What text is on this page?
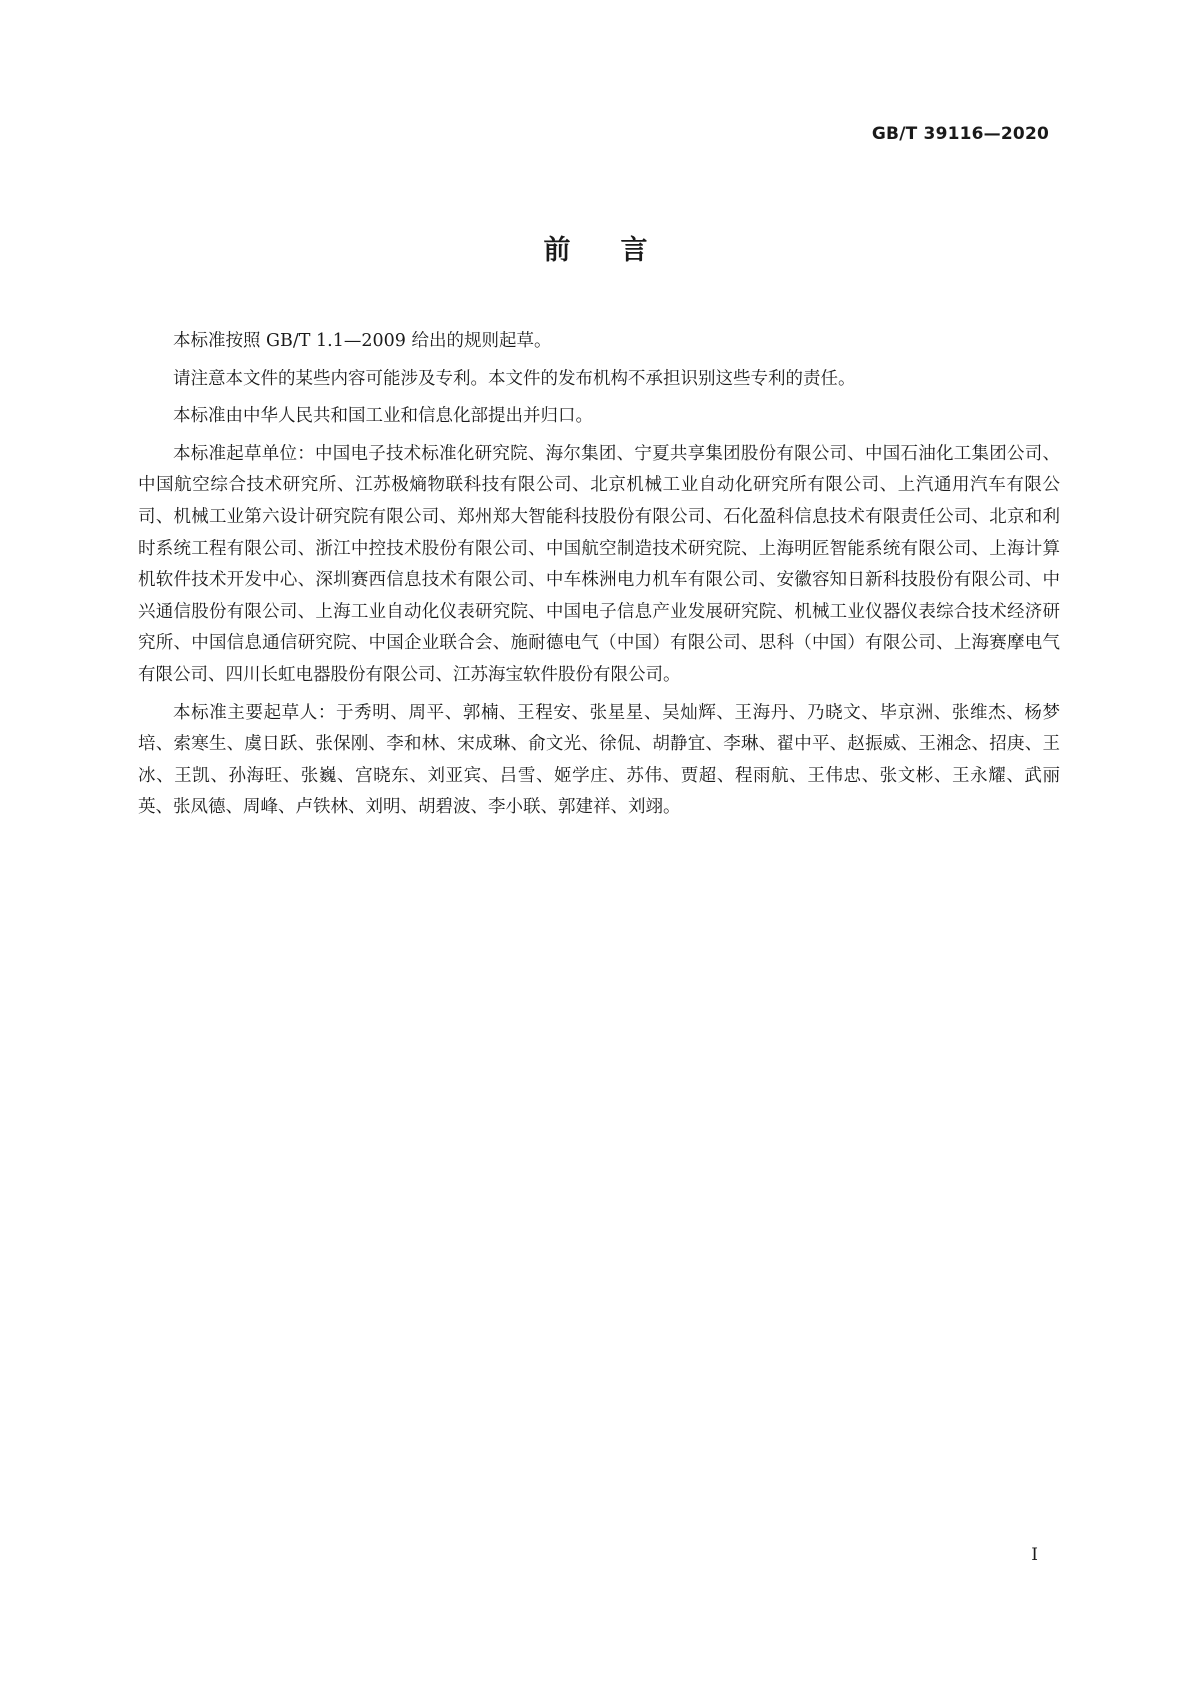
GB/T 39116—2020
前言

本标准按照 GB/T 1.1—2009 给出的规则起草。

请注意本文件的某些内容可能涉及专利。本文件的发布机构不承担识别这些专利的责任。

本标准由中华人民共和国工业和信息化部提出并归口。

本标准起草单位：中国电子技术标准化研究院、海尔集团、宁夏共享集团股份有限公司、中国石油化工集团公司、中国航空综合技术研究所、江苏极熵物联科技有限公司、北京机械工业自动化研究所有限公司、上汽通用汽车有限公司、机械工业第六设计研究院有限公司、郑州郑大智能科技股份有限公司、石化盈科信息技术有限责任公司、北京和利时系统工程有限公司、浙江中控技术股份有限公司、中国航空制造技术研究院、上海明匠智能系统有限公司、上海计算机软件技术开发中心、深圳赛西信息技术有限公司、中车株洲电力机车有限公司、安徽容知日新科技股份有限公司、中兴通信股份有限公司、上海工业自动化仪表研究院、中国电子信息产业发展研究院、机械工业仪器仪表综合技术经济研究所、中国信息通信研究院、中国企业联合会、施耐德电气（中国）有限公司、思科（中国）有限公司、上海赛摩电气有限公司、四川长虹电器股份有限公司、江苏海宝软件股份有限公司。

本标准主要起草人：于秀明、周平、郭楠、王程安、张星星、吴灿辉、王海丹、乃晓文、毕京洲、张维杰、杨梦培、索寒生、虞日跃、张保刚、李和林、宋成琳、俞文光、徐侃、胡静宜、李琳、翟中平、赵振威、王湘念、招庚、王冰、王凯、孙海旺、张巍、宫晓东、刘亚宾、吕雪、姬学庄、苏伟、贾超、程雨航、王伟忠、张文彬、王永耀、武丽英、张凤德、周峰、卢铁林、刘明、胡碧波、李小联、郭建祥、刘翊。

I
